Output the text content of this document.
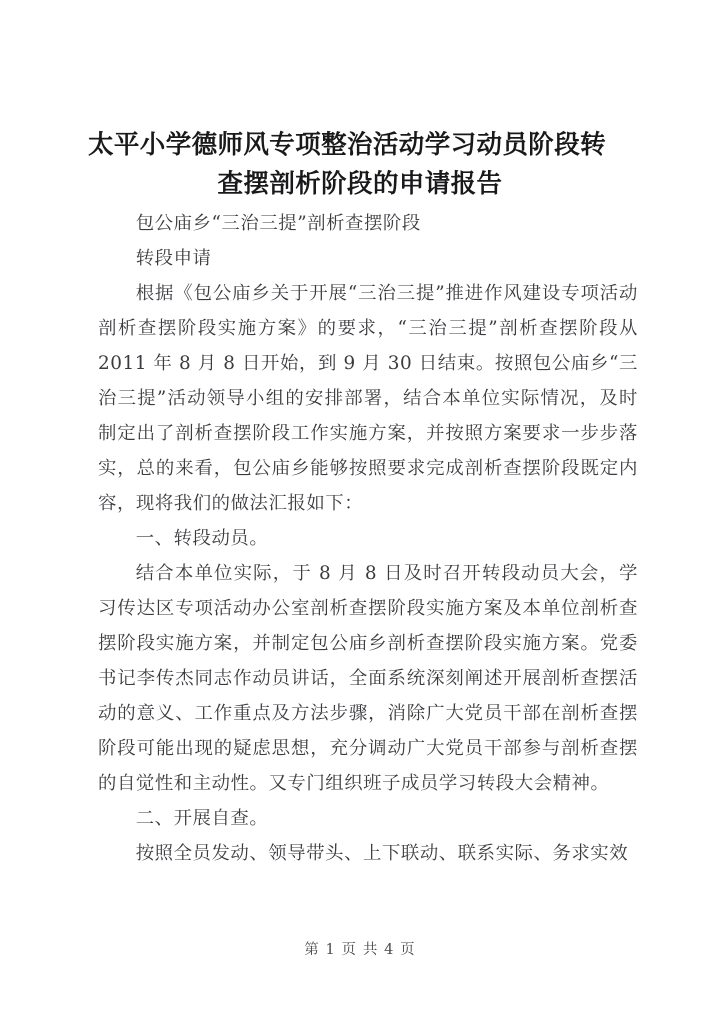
太平小学德师风专项整治活动学习动员阶段转
查摆剖析阶段的申请报告

包公庙乡“三治三提”剖析查摆阶段

转段申请

根据《包公庙乡关于开展“三治三提”推进作风建设专项活动剖析查摆阶段实施方案》的要求，“三治三提”剖析查摆阶段从 2011 年 8 月 8 日开始，到 9 月 30 日结束。按照包公庙乡“三治三提”活动领导小组的安排部署，结合本单位实际情况，及时制定出了剖析查摆阶段工作实施方案，并按照方案要求一步步落实，总的来看，包公庙乡能够按照要求完成剖析查摆阶段既定内容，现将我们的做法汇报如下：

一、转段动员。

结合本单位实际，于 8 月 8 日及时召开转段动员大会，学习传达区专项活动办公室剖析查摆阶段实施方案及本单位剖析查摆阶段实施方案，并制定包公庙乡剖析查摆阶段实施方案。党委书记李传杰同志作动员讲话，全面系统深刻阐述开展剖析查摆活动的意义、工作重点及方法步骤，消除广大党员干部在剖析查摆阶段可能出现的疑虑思想，充分调动广大党员干部参与剖析查摆的自觉性和主动性。又专门组织班子成员学习转段大会精神。

二、开展自查。

按照全员发动、领导带头、上下联动、联系实际、务求实效

第 1 页 共 4 页
